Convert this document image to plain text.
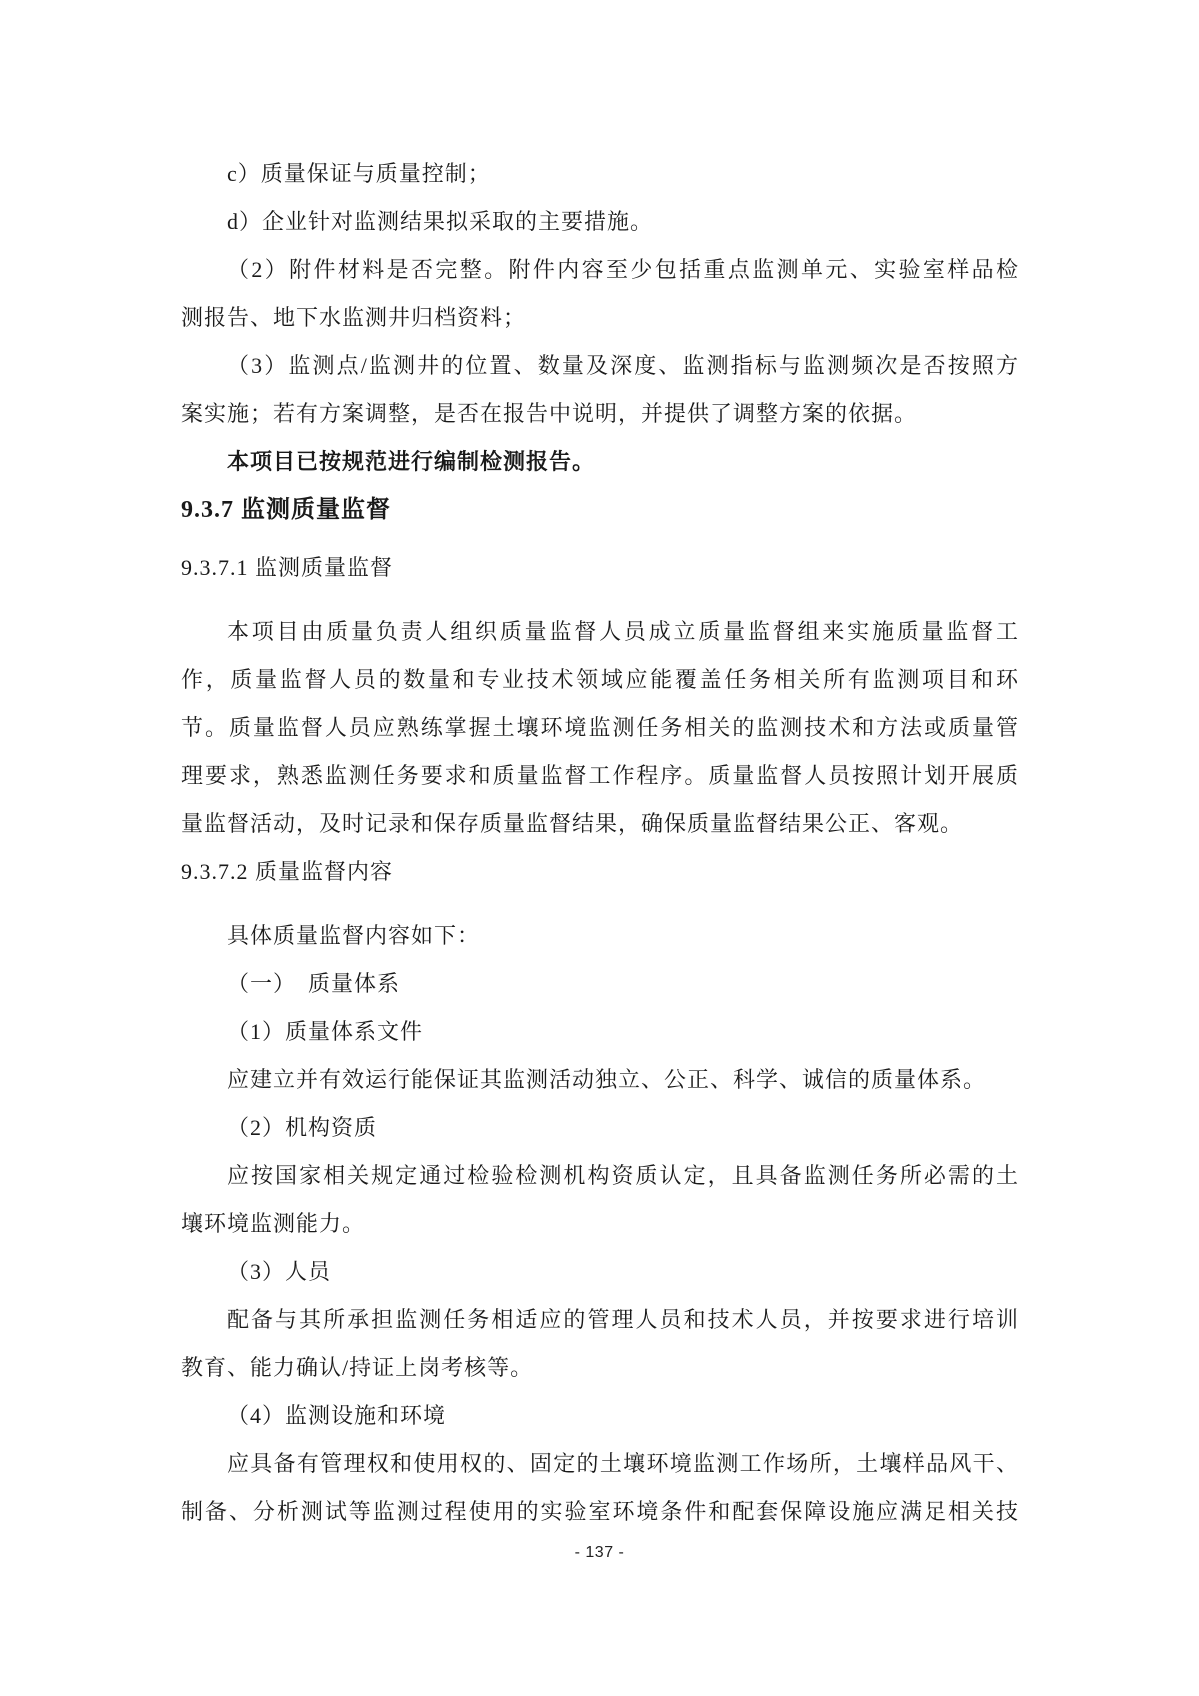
c）质量保证与质量控制；
d）企业针对监测结果拟采取的主要措施。
（2）附件材料是否完整。附件内容至少包括重点监测单元、实验室样品检
测报告、地下水监测井归档资料；
（3）监测点/监测井的位置、数量及深度、监测指标与监测频次是否按照方
案实施；若有方案调整，是否在报告中说明，并提供了调整方案的依据。
本项目已按规范进行编制检测报告。
9.3.7 监测质量监督
9.3.7.1 监测质量监督
本项目由质量负责人组织质量监督人员成立质量监督组来实施质量监督工
作，质量监督人员的数量和专业技术领域应能覆盖任务相关所有监测项目和环
节。质量监督人员应熟练掌握土壤环境监测任务相关的监测技术和方法或质量管
理要求，熟悉监测任务要求和质量监督工作程序。质量监督人员按照计划开展质
量监督活动，及时记录和保存质量监督结果，确保质量监督结果公正、客观。
9.3.7.2 质量监督内容
具体质量监督内容如下：
（一）　质量体系
（1）质量体系文件
应建立并有效运行能保证其监测活动独立、公正、科学、诚信的质量体系。
（2）机构资质
应按国家相关规定通过检验检测机构资质认定，且具备监测任务所必需的土
壤环境监测能力。
（3）人员
配备与其所承担监测任务相适应的管理人员和技术人员，并按要求进行培训
教育、能力确认/持证上岗考核等。
（4）监测设施和环境
应具备有管理权和使用权的、固定的土壤环境监测工作场所，土壤样品风干、
制备、分析测试等监测过程使用的实验室环境条件和配套保障设施应满足相关技
- 137 -
